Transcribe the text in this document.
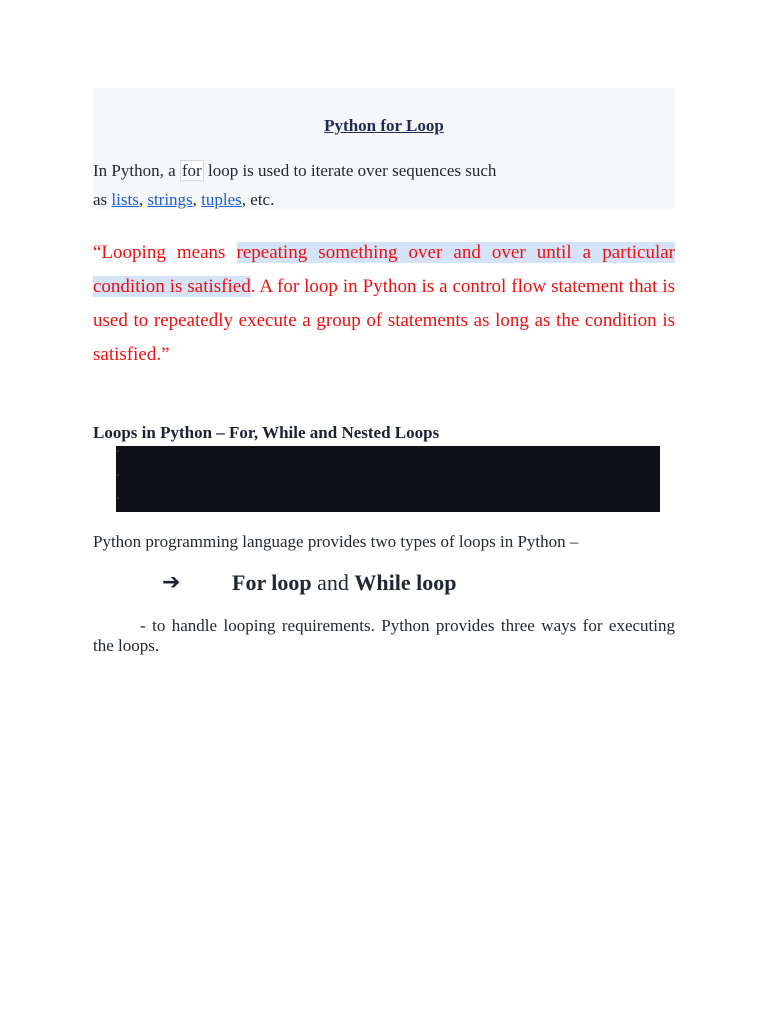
Python for Loop
In Python, a for loop is used to iterate over sequences such
as lists, strings, tuples, etc.
“Looping means repeating something over and over until a particular condition is satisfied. A for loop in Python is a control flow statement that is used to repeatedly execute a group of statements as long as the condition is satisfied.”
Loops in Python – For, While and Nested Loops
Python programming language provides two types of loops in Python –
➔ For loop and While loop
- to handle looping requirements. Python provides three ways for executing the loops.
